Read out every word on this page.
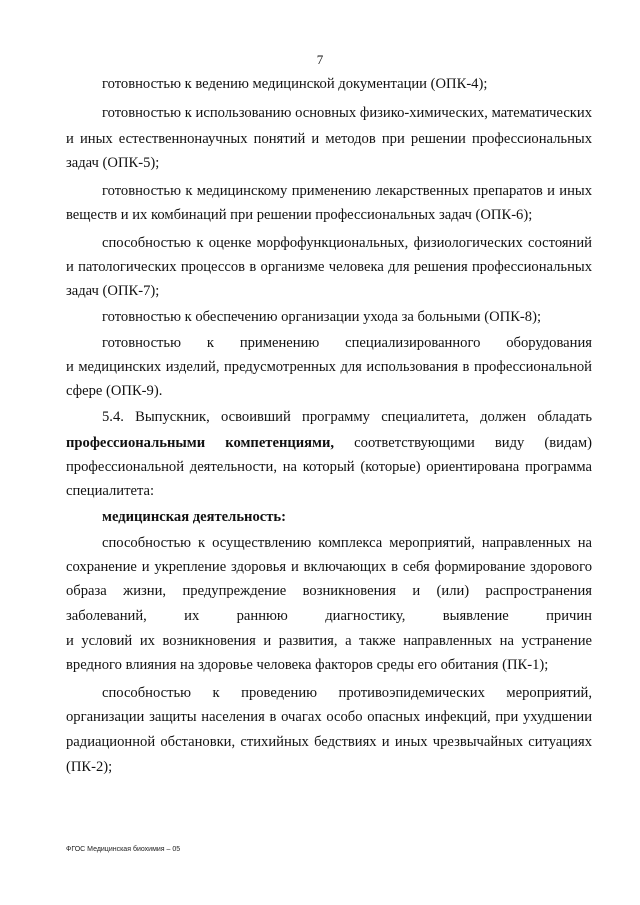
7

готовностью к ведению медицинской документации (ОПК-4);

готовностью к использованию основных физико-химических, математических

и иных естественнонаучных понятий и методов при решении профессиональных

задач (ОПК-5);

готовностью к медицинскому применению лекарственных препаратов и иных

веществ и их комбинаций при решении профессиональных задач (ОПК-6);

способностью к оценке морфофункциональных, физиологических состояний

и патологических процессов в организме человека для решения профессиональных

задач (ОПК-7);

готовностью к обеспечению организации ухода за больными (ОПК-8);

готовностью к применению специализированного оборудования

и медицинских изделий, предусмотренных для использования в профессиональной

сфере (ОПК-9).

5.4. Выпускник, освоивший программу специалитета, должен обладать

профессиональными компетенциями, соответствующими виду (видам)

профессиональной деятельности, на который (которые) ориентирована программа

специалитета:

медицинская деятельность:

способностью к осуществлению комплекса мероприятий, направленных на

сохранение и укрепление здоровья и включающих в себя формирование здорового

образа жизни, предупреждение возникновения и (или) распространения

заболеваний, их раннюю диагностику, выявление причин

и условий их возникновения и развития, а также направленных на устранение

вредного влияния на здоровье человека факторов среды его обитания (ПК-1);

способностью к проведению противоэпидемических мероприятий,

организации защиты населения в очагах особо опасных инфекций, при ухудшении

радиационной обстановки, стихийных бедствиях и иных чрезвычайных ситуациях

(ПК-2);

ФГОС Медицинская биохимия – 05
